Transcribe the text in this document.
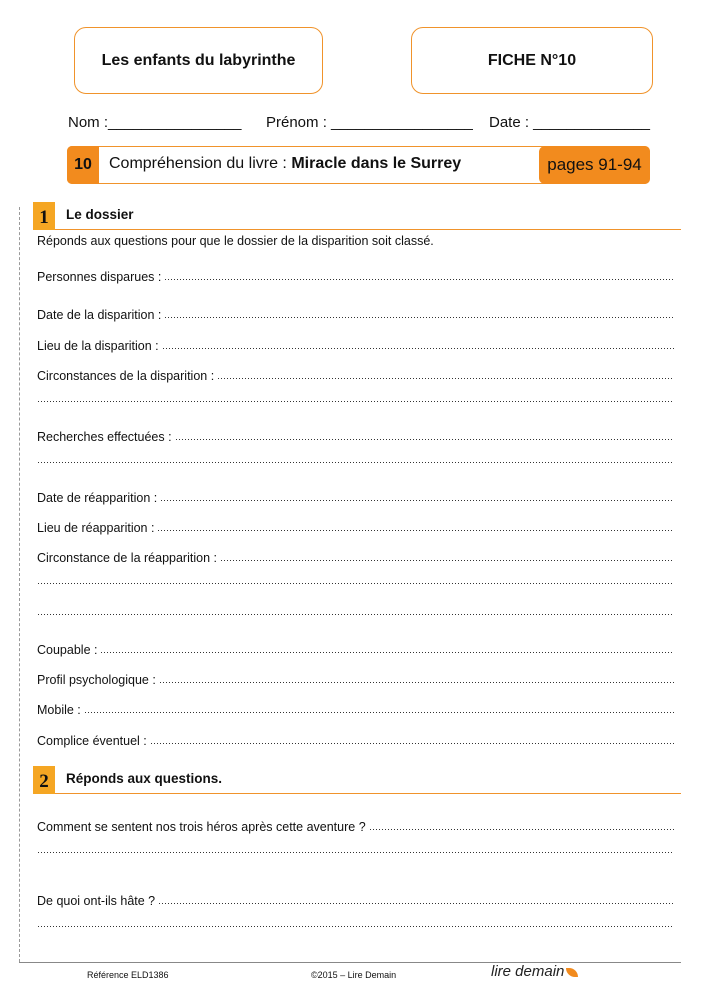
Les enfants du labyrinthe	FICHE N°10
Nom :________________ Prénom : _________________ Date : ______________
10	Compréhension du livre : Miracle dans le Surrey	pages 91-94
1	Le dossier
Réponds aux questions pour que le dossier de la disparition soit classé.
Personnes disparues :
Date de la disparition :
Lieu de la disparition :
Circonstances de la disparition :
Recherches effectuées :
Date de réapparition :
Lieu de réapparition :
Circonstance de la réapparition :
Coupable :
Profil psychologique :
Mobile :
Complice éventuel :
2	Réponds aux questions.
Comment se sentent nos trois héros après cette aventure ?
De quoi ont-ils hâte ?
Référence ELD1386	©2015 – Lire Demain	lire demain
